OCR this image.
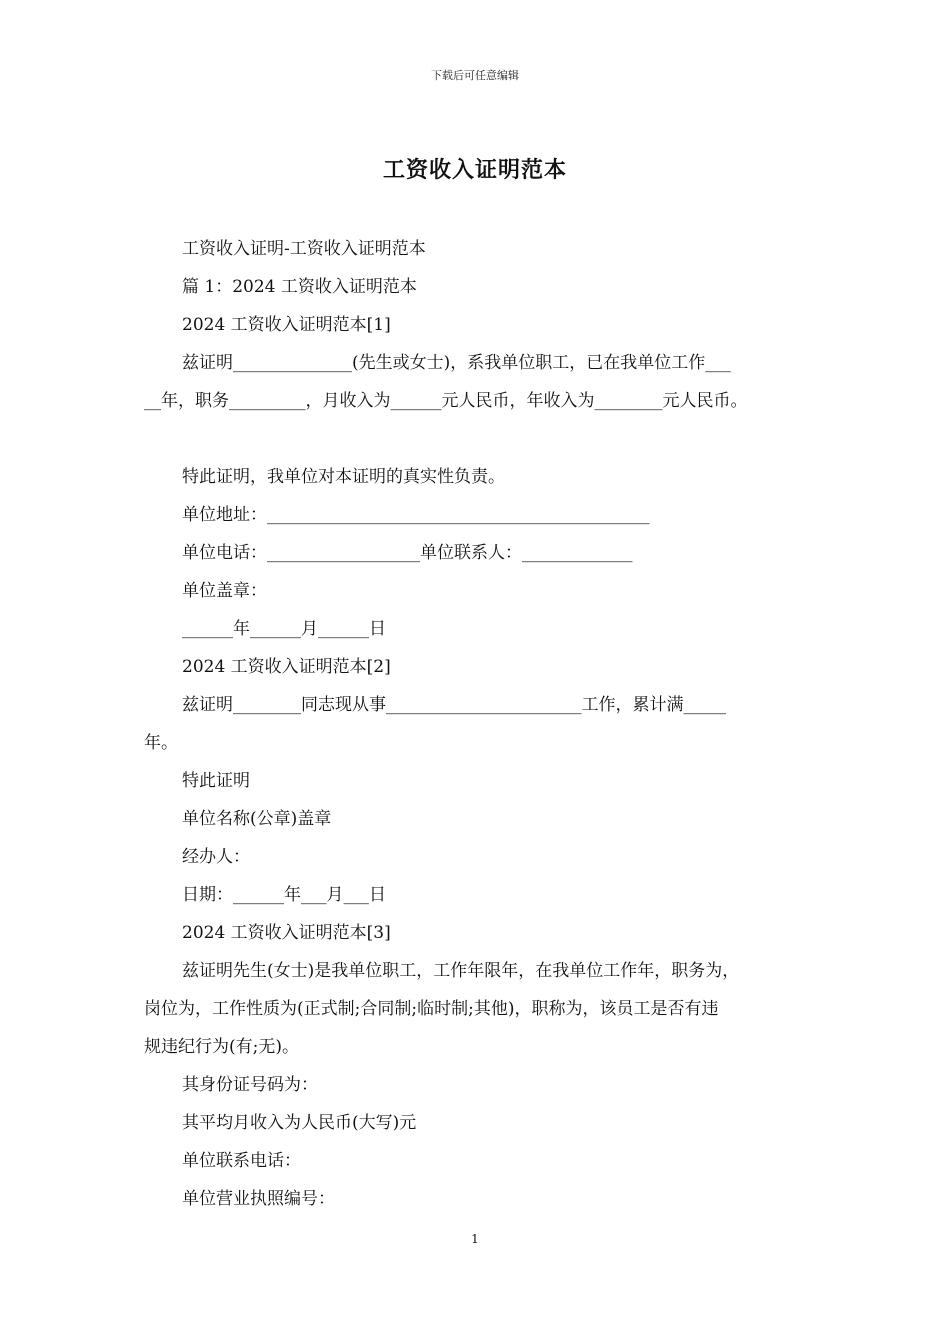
下载后可任意编辑
工资收入证明范本

工资收入证明-工资收入证明范本

篇 1：2024 工资收入证明范本

2024 工资收入证明范本[1]

兹证明______________(先生或女士)，系我单位职工，已在我单位工作___

__年，职务_________，月收入为______元人民币，年收入为________元人民币。

特此证明，我单位对本证明的真实性负责。

单位地址：_____________________________________________

单位电话：__________________单位联系人：_____________

单位盖章：

______年______月______日

2024 工资收入证明范本[2]

兹证明________同志现从事_______________________工作，累计满_____

年。

特此证明

单位名称(公章)盖章

经办人：

日期：______年___月___日

2024 工资收入证明范本[3]

兹证明先生(女士)是我单位职工，工作年限年，在我单位工作年，职务为，

岗位为，工作性质为(正式制;合同制;临时制;其他)，职称为，该员工是否有违

规违纪行为(有;无)。

其身份证号码为：

其平均月收入为人民币(大写)元

单位联系电话：

单位营业执照编号：

1
